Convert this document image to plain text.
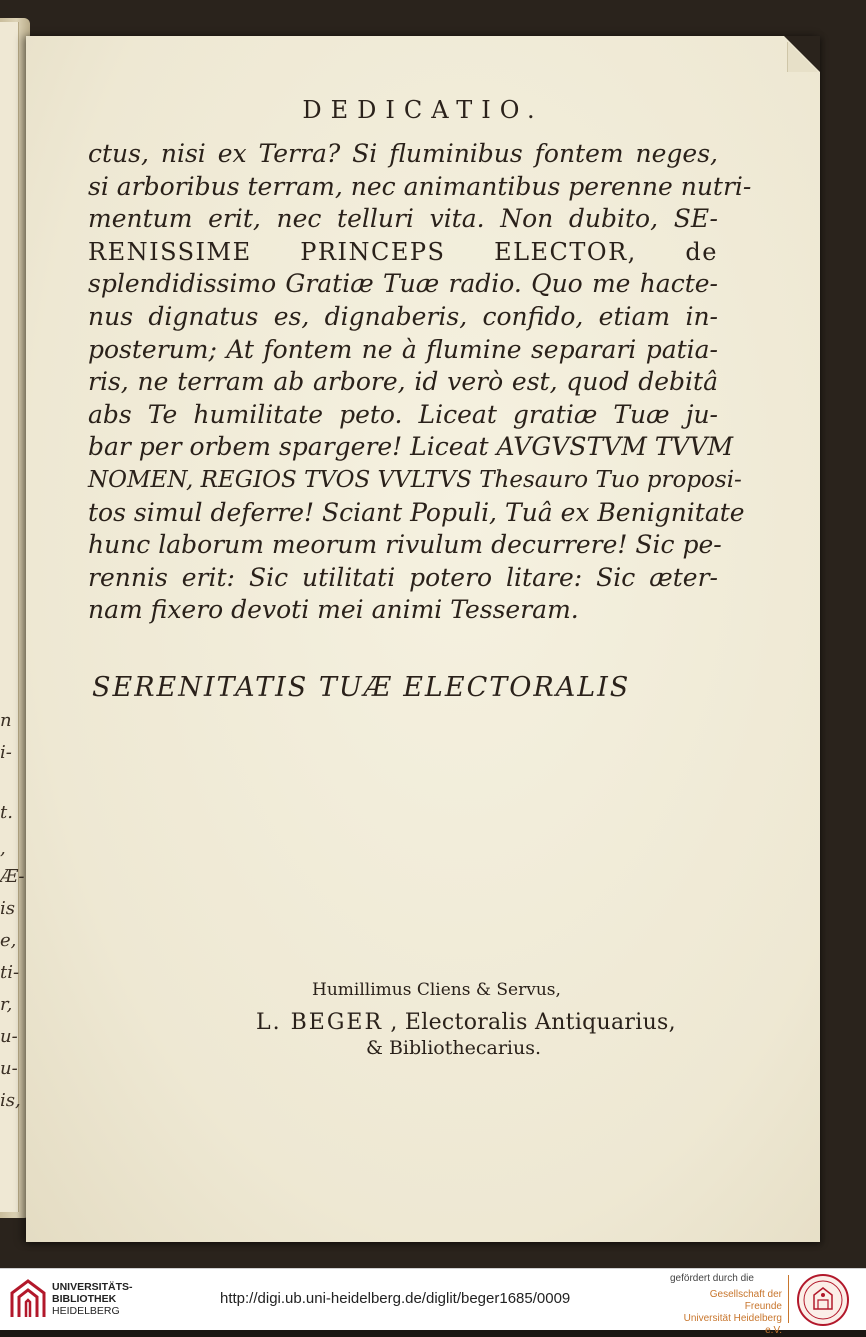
n
i-
t.
,
Æ-
is
e,
ti-
r,
u-
u-
is,
DEDICATIO.
ctus, nisi ex Terra? Si fluminibus fontem neges,
si arboribus terram, nec animantibus perenne nutri-
mentum erit, nec telluri vita. Non dubito, SE-
RENISSIME PRINCEPS ELECTOR, de
splendidissimo Gratiæ Tuæ radio. Quo me hacte-
nus dignatus es, dignaberis, confido, etiam in-
posterum; At fontem ne à flumine separari patia-
ris, ne terram ab arbore, id verò est, quod debitâ
abs Te humilitate peto. Liceat gratiæ Tuæ ju-
bar per orbem spargere! Liceat AVGVSTVM TVVM
NOMEN, REGIOS TVOS VVLTVS Thesauro Tuo proposi-
tos simul deferre! Sciant Populi, Tuâ ex Benignitate
hunc laborum meorum rivulum decurrere! Sic pe-
rennis erit: Sic utilitati potero litare: Sic æter-
nam fixero devoti mei animi Tesseram.
SERENITATIS TUÆ ELECTORALIS
Humillimus Cliens & Servus,
L. BEGER , Electoralis Antiquarius,
& Bibliothecarius.
UNIVERSITÄTS-
BIBLIOTHEK
HEIDELBERG
http://digi.ub.uni-heidelberg.de/diglit/beger1685/0009
gefördert durch die
Gesellschaft der Freunde
Universität Heidelberg e.V.
